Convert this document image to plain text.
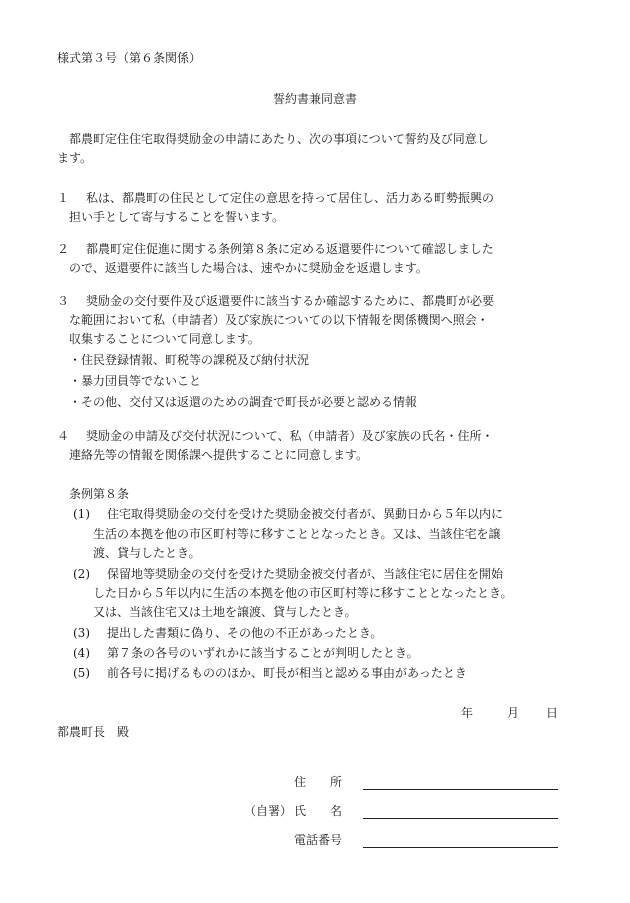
様式第３号（第６条関係）
誓約書兼同意書
都農町定住住宅取得奨励金の申請にあたり、次の事項について誓約及び同意し
ます。
１ 私は、都農町の住民として定住の意思を持って居住し、活力ある町勢振興の
担い手として寄与することを誓います。
２ 都農町定住促進に関する条例第８条に定める返還要件について確認しました
ので、返還要件に該当した場合は、速やかに奨励金を返還します。
３ 奨励金の交付要件及び返還要件に該当するか確認するために、都農町が必要
な範囲において私（申請者）及び家族についての以下情報を関係機関へ照会・
収集することについて同意します。
・住民登録情報、町税等の課税及び納付状況
・暴力団員等でないこと
・その他、交付又は返還のための調査で町長が必要と認める情報
４ 奨励金の申請及び交付状況について、私（申請者）及び家族の氏名・住所・
連絡先等の情報を関係課へ提供することに同意します。
条例第８条
(1) 住宅取得奨励金の交付を受けた奨励金被交付者が、異動日から５年以内に
生活の本拠を他の市区町村等に移すこととなったとき。又は、当該住宅を譲
渡、貸与したとき。
(2) 保留地等奨励金の交付を受けた奨励金被交付者が、当該住宅に居住を開始
した日から５年以内に生活の本拠を他の市区町村等に移すこととなったとき。
又は、当該住宅又は土地を譲渡、貸与したとき。
(3) 提出した書類に偽り、その他の不正があったとき。
(4) 第７条の各号のいずれかに該当することが判明したとき。
(5) 前各号に掲げるもののほか、町長が相当と認める事由があったとき
年	月 日
都農町長　殿
住　　所
（自署） 氏　　名
電話番号
